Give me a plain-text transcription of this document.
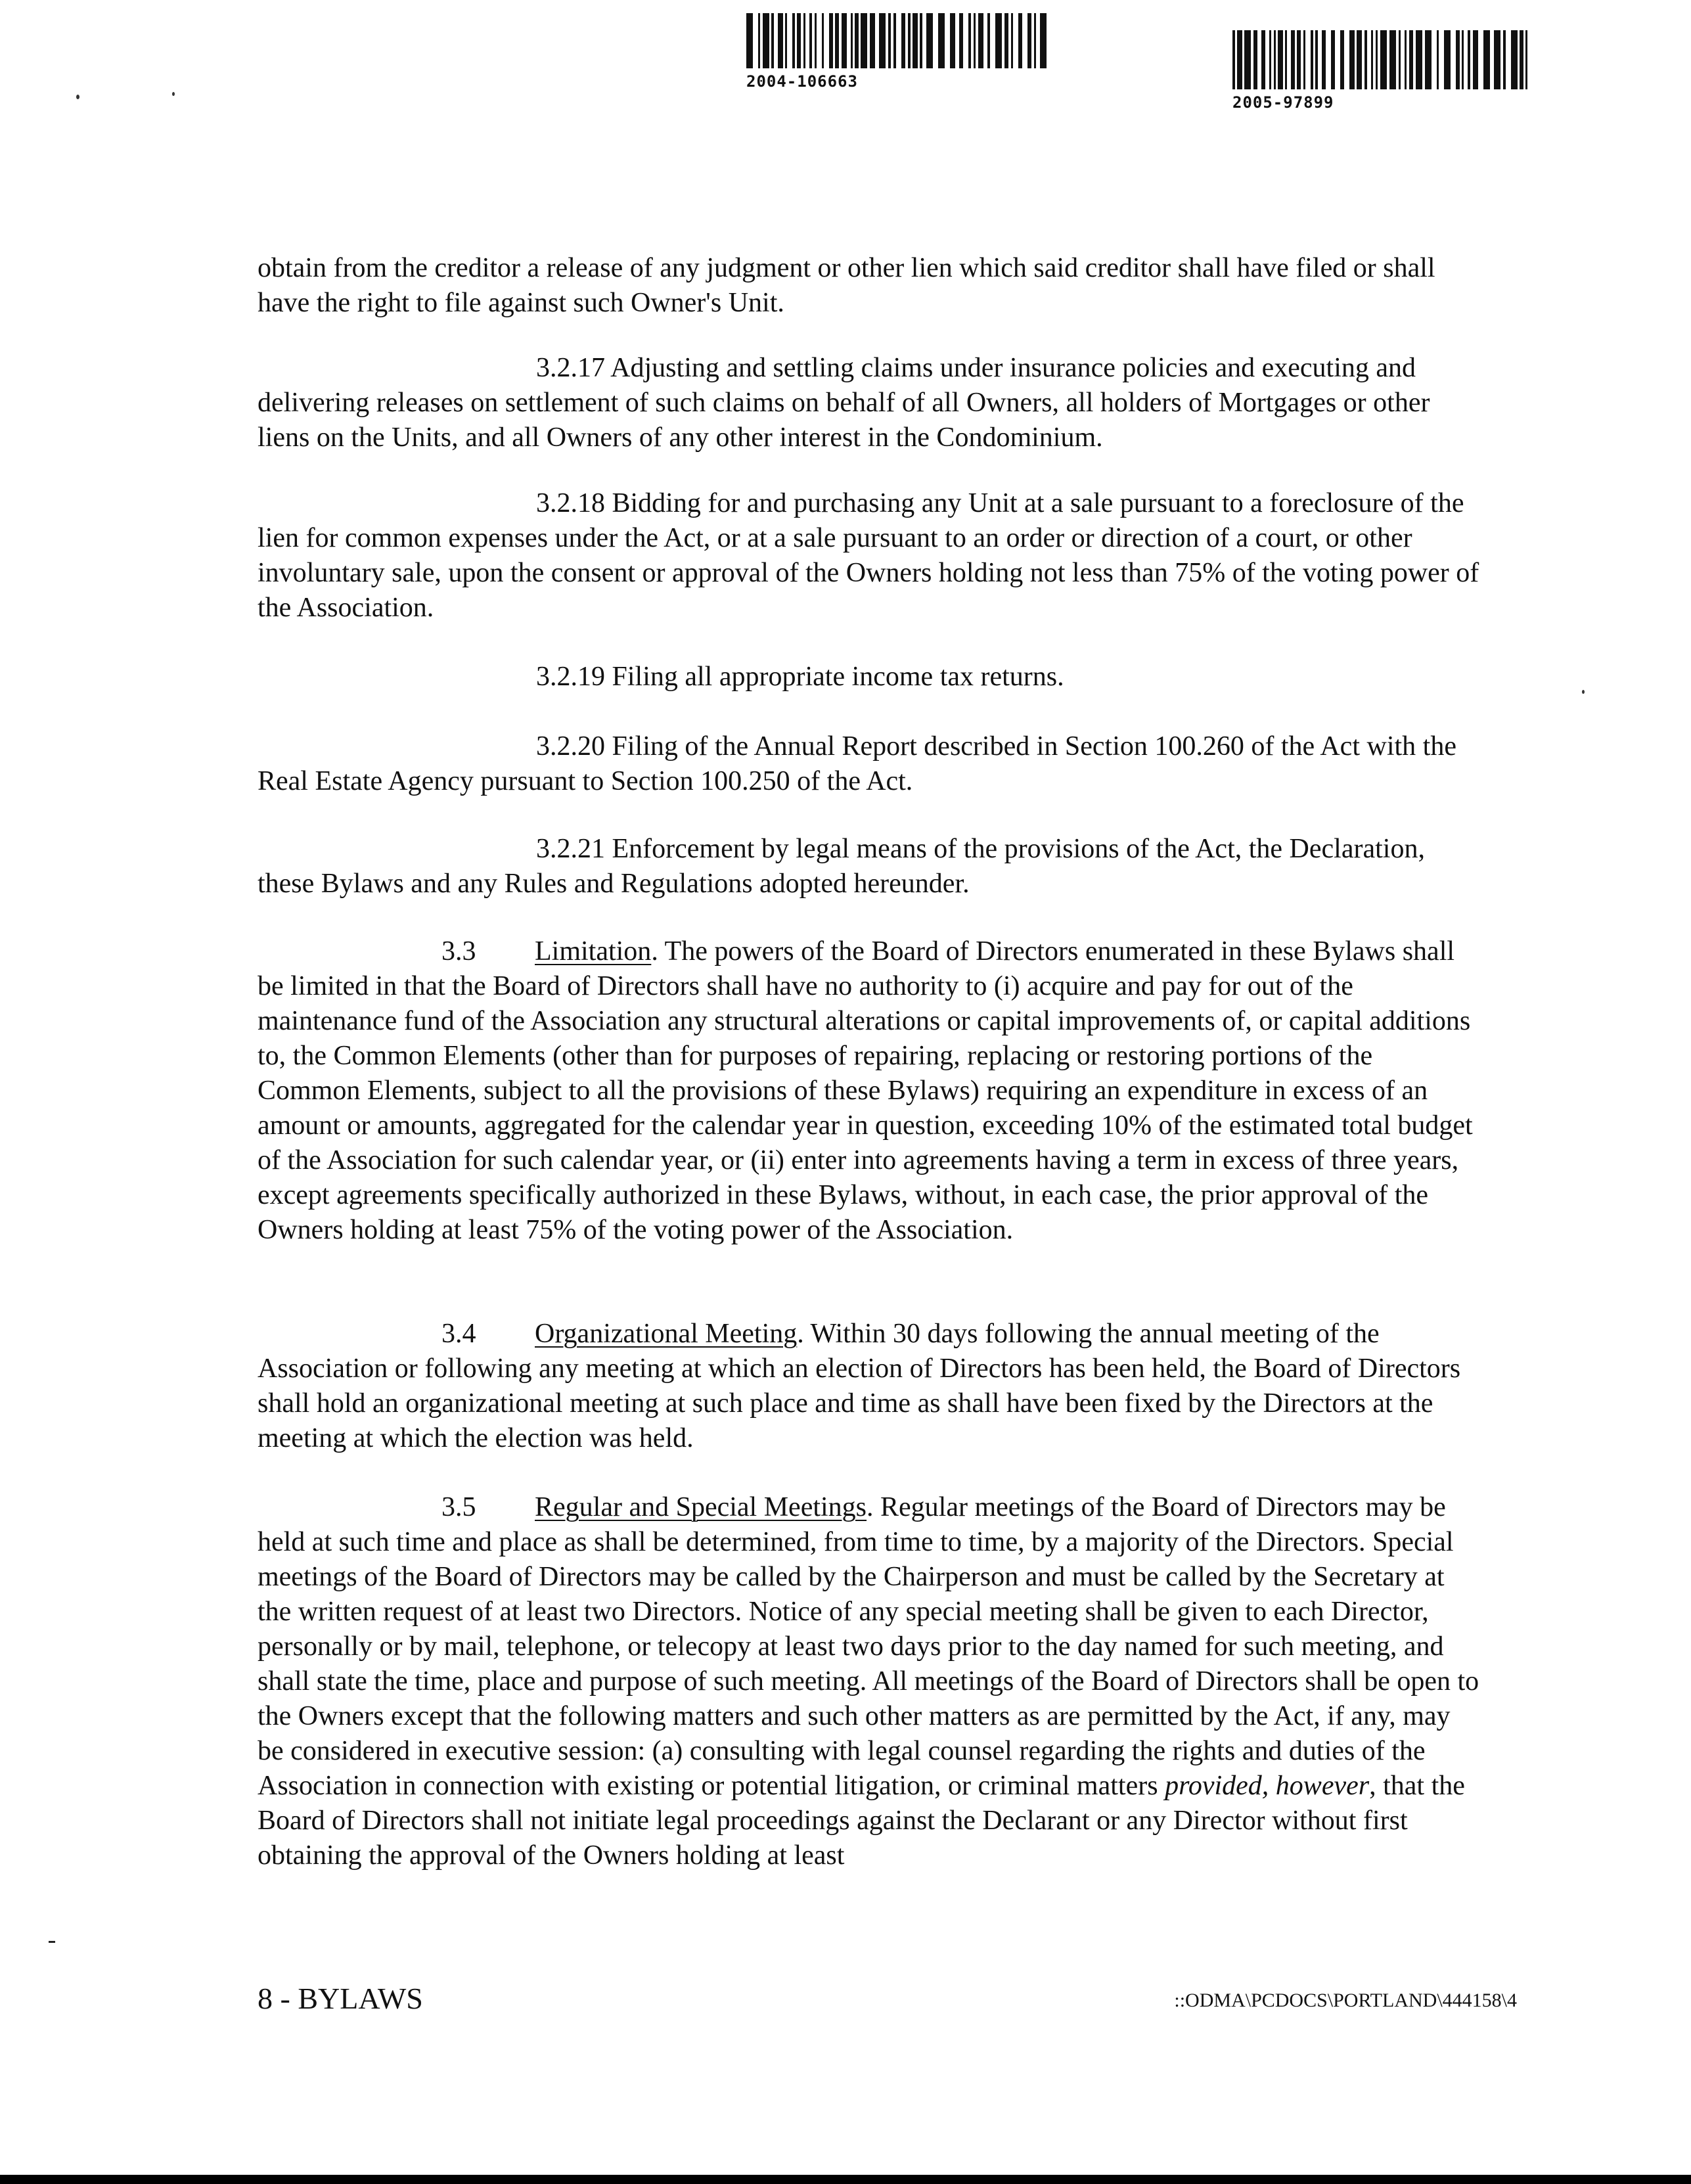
2004-106663
2005-97899

obtain from the creditor a release of any judgment or other lien which said creditor shall have filed or shall have the right to file against such Owner's Unit.

3.2.17 Adjusting and settling claims under insurance policies and executing and delivering releases on settlement of such claims on behalf of all Owners, all holders of Mortgages or other liens on the Units, and all Owners of any other interest in the Condominium.

3.2.18 Bidding for and purchasing any Unit at a sale pursuant to a foreclosure of the lien for common expenses under the Act, or at a sale pursuant to an order or direction of a court, or other involuntary sale, upon the consent or approval of the Owners holding not less than 75% of the voting power of the Association.

3.2.19 Filing all appropriate income tax returns.

3.2.20 Filing of the Annual Report described in Section 100.260 of the Act with the Real Estate Agency pursuant to Section 100.250 of the Act.

3.2.21 Enforcement by legal means of the provisions of the Act, the Declaration, these Bylaws and any Rules and Regulations adopted hereunder.

3.3 Limitation. The powers of the Board of Directors enumerated in these Bylaws shall be limited in that the Board of Directors shall have no authority to (i) acquire and pay for out of the maintenance fund of the Association any structural alterations or capital improvements of, or capital additions to, the Common Elements (other than for purposes of repairing, replacing or restoring portions of the Common Elements, subject to all the provisions of these Bylaws) requiring an expenditure in excess of an amount or amounts, aggregated for the calendar year in question, exceeding 10% of the estimated total budget of the Association for such calendar year, or (ii) enter into agreements having a term in excess of three years, except agreements specifically authorized in these Bylaws, without, in each case, the prior approval of the Owners holding at least 75% of the voting power of the Association.

3.4 Organizational Meeting. Within 30 days following the annual meeting of the Association or following any meeting at which an election of Directors has been held, the Board of Directors shall hold an organizational meeting at such place and time as shall have been fixed by the Directors at the meeting at which the election was held.

3.5 Regular and Special Meetings. Regular meetings of the Board of Directors may be held at such time and place as shall be determined, from time to time, by a majority of the Directors. Special meetings of the Board of Directors may be called by the Chairperson and must be called by the Secretary at the written request of at least two Directors. Notice of any special meeting shall be given to each Director, personally or by mail, telephone, or telecopy at least two days prior to the day named for such meeting, and shall state the time, place and purpose of such meeting. All meetings of the Board of Directors shall be open to the Owners except that the following matters and such other matters as are permitted by the Act, if any, may be considered in executive session: (a) consulting with legal counsel regarding the rights and duties of the Association in connection with existing or potential litigation, or criminal matters provided, however, that the Board of Directors shall not initiate legal proceedings against the Declarant or any Director without first obtaining the approval of the Owners holding at least

8 - BYLAWS	::ODMA\PCDOCS\PORTLAND\444158\4
